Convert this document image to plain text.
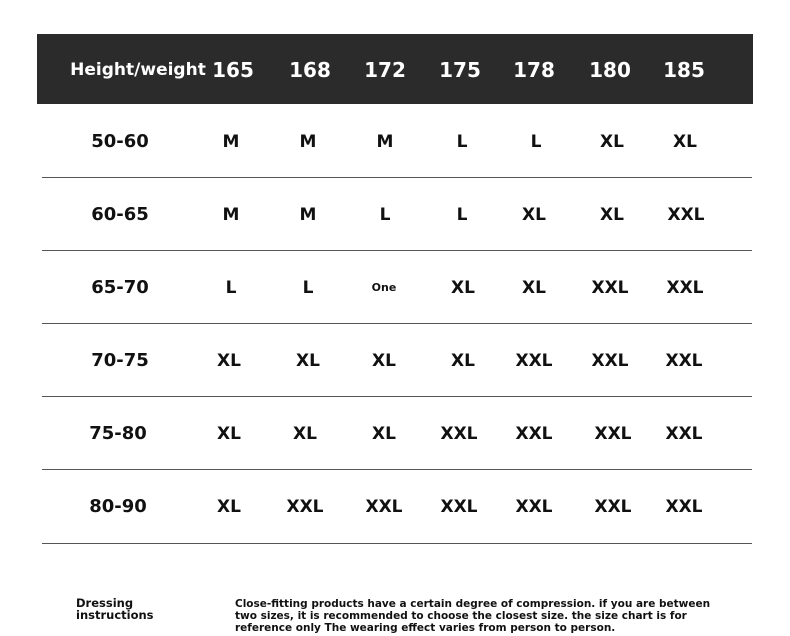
Height/weight 165	168	172	175	178	180	185
50-60	M	M	M	L	L	XL	XL
60-65	M	M	L	L	XL	XL	XXL
65-70	L	L	One	XL	XL	XXL	XXL
70-75	XL	XL	XL	XL	XXL	XXL	XXL
75-80	XL	XL	XL	XXL	XXL	XXL	XXL
80-90	XL	XXL	XXL	XXL	XXL	XXL	XXL
Dressing instructions
Close-fitting products have a certain degree of compression. if you are between two sizes, it is recommended to choose the closest size. the size chart is for reference only The wearing effect varies from person to person.
